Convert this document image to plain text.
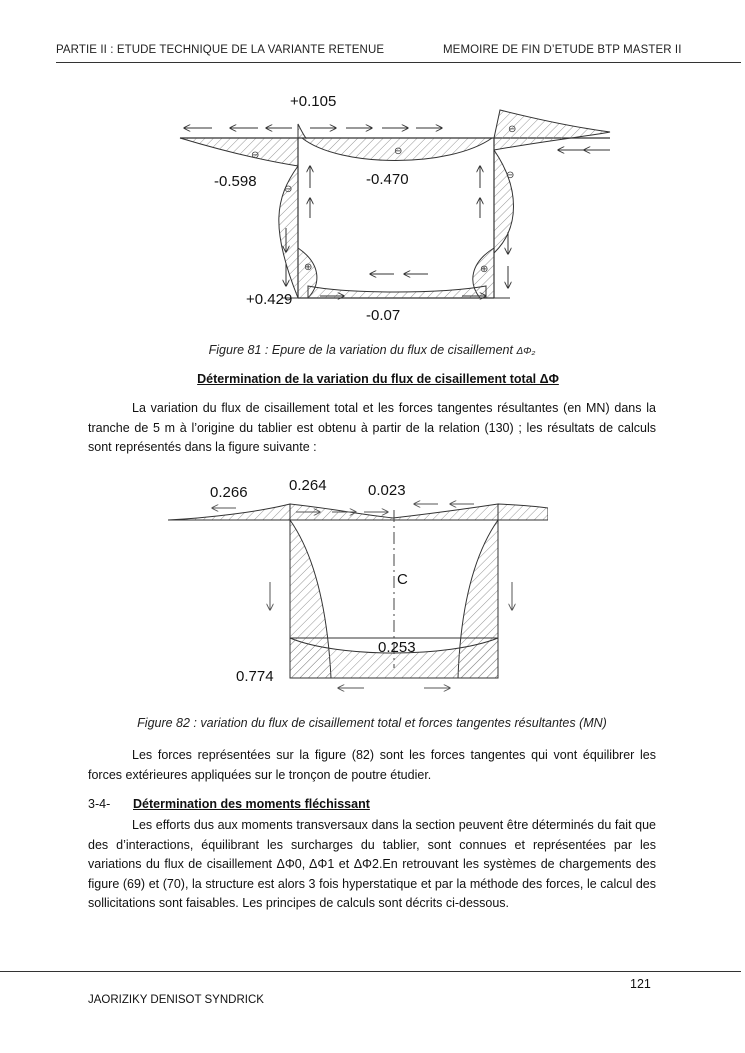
PARTIE II : ETUDE TECHNIQUE DE LA VARIANTE RETENUE	MEMOIRE DE FIN D’ETUDE BTP MASTER II
⊖	⊖
⊖
⊖
⊖
⊕	⊕
+0.105
-0.598	-0.470
+0.429
-0.07
Figure 81 : Epure de la variation du flux de cisaillement ΔΦ₂
Détermination de la variation du flux de cisaillement total ΔΦ
La variation du flux de cisaillement total et les forces tangentes résultantes (en MN) dans la tranche de 5 m à l’origine du tablier est obtenu à partir de la relation (130) ; les résultats de calculs sont représentés dans la figure suivante :
0.266	0.264	0.023
C
0.253
0.774
Figure 82 : variation du flux de cisaillement total et forces tangentes résultantes (MN)
Les forces représentées sur la figure (82) sont les forces tangentes qui vont équilibrer les forces extérieures appliquées sur le tronçon de poutre étudier.
3-4- Détermination des moments fléchissant
Les efforts dus aux moments transversaux dans la section peuvent être déterminés du fait que des d’interactions, équilibrant les surcharges du tablier, sont connues et représentées par les variations du flux de cisaillement ΔΦ0, ΔΦ1 et ΔΦ2.En retrouvant les systèmes de chargements des figure (69) et (70), la structure est alors 3 fois hyperstatique et par la méthode des forces, le calcul des sollicitations sont faisables. Les principes de calculs sont décrits ci-dessous.
121
JAORIZIKY DENISOT SYNDRICK
